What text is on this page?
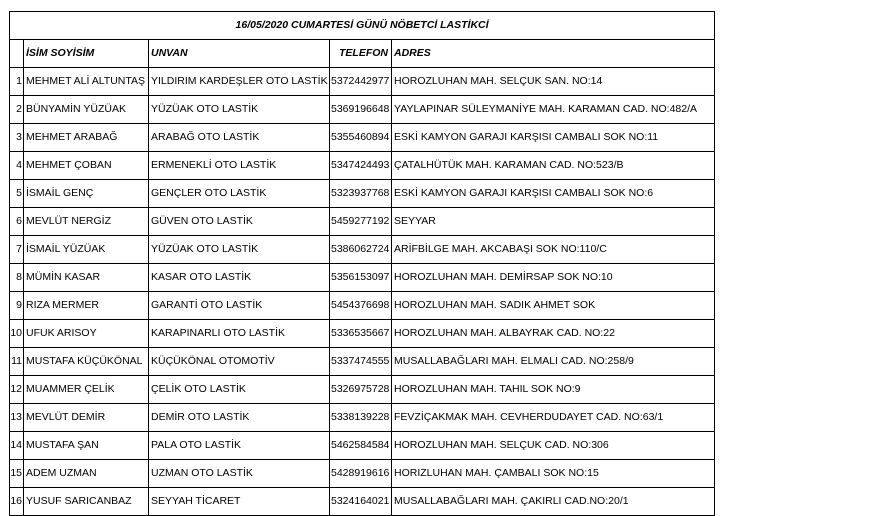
16/05/2020 CUMARTESİ GÜNÜ NÖBETCİ LASTİKCİ				
	İSİM SOYİSİM	UNVAN	TELEFON	ADRES
1	MEHMET ALİ ALTUNTAŞ	YILDIRIM KARDEŞLER OTO LASTİK	5372442977	HOROZLUHAN MAH. SELÇUK SAN. NO:14
2	BÜNYAMİN YÜZÜAK	YÜZÜAK OTO LASTİK	5369196648	YAYLAPINAR SÜLEYMANİYE MAH. KARAMAN CAD. NO:482/A
3	MEHMET ARABAĞ	ARABAĞ OTO LASTİK	5355460894	ESKİ KAMYON GARAJI KARŞISI CAMBALI SOK NO:11
4	MEHMET ÇOBAN	ERMENEKLİ OTO LASTİK	5347424493	ÇATALHÜTÜK MAH. KARAMAN CAD. NO:523/B
5	İSMAİL GENÇ	GENÇLER OTO LASTİK	5323937768	ESKİ KAMYON GARAJI KARŞISI CAMBALI SOK NO:6
6	MEVLÜT NERGİZ	GÜVEN OTO LASTİK	5459277192	SEYYAR
7	İSMAİL YÜZÜAK	YÜZÜAK OTO LASTİK	5386062724	ARİFBİLGE MAH. AKCABAŞI SOK NO:110/C
8	MÜMİN KASAR	KASAR OTO LASTİK	5356153097	HOROZLUHAN MAH. DEMİRSAP SOK NO:10
9	RIZA MERMER	GARANTİ OTO LASTİK	5454376698	HOROZLUHAN MAH. SADIK AHMET SOK
10	UFUK ARISOY	KARAPINARLI OTO LASTİK	5336535667	HOROZLUHAN MAH. ALBAYRAK CAD. NO:22
11	MUSTAFA KÜÇÜKÖNAL	KÜÇÜKÖNAL OTOMOTİV	5337474555	MUSALLABAĞLARI MAH. ELMALI CAD. NO:258/9
12	MUAMMER ÇELİK	ÇELİK OTO LASTİK	5326975728	HOROZLUHAN MAH. TAHIL SOK NO:9
13	MEVLÜT DEMİR	DEMİR OTO LASTİK	5338139228	FEVZİÇAKMAK MAH. CEVHERDUDAYET CAD. NO:63/1
14	MUSTAFA ŞAN	PALA OTO LASTİK	5462584584	HOROZLUHAN MAH. SELÇUK CAD. NO:306
15	ADEM UZMAN	UZMAN OTO LASTİK	5428919616	HORIZLUHAN MAH. ÇAMBALI SOK NO:15
16	YUSUF SARICANBAZ	SEYYAH TİCARET	5324164021	MUSALLABAĞLARI MAH. ÇAKIRLI CAD.NO:20/1
